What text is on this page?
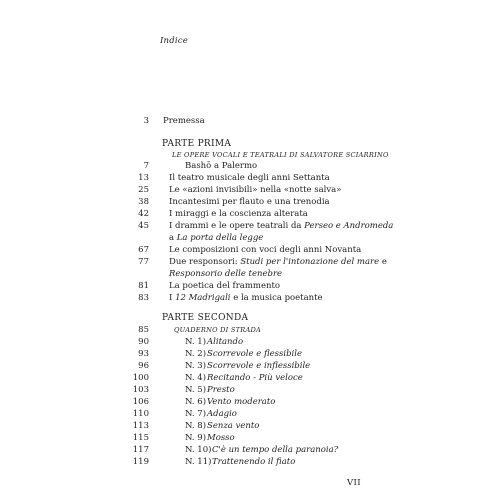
Indice
3 Premessa
PARTE PRIMA
LE OPERE VOCALI E TEATRALI DI SALVATORE SCIARRINO
7	Bashō a Palermo
13 Il teatro musicale degli anni Settanta
25 Le «azioni invisibili» nella «notte salva»
38 Incantesimi per flauto e una trenodia
42 I miraggi e la coscienza alterata
45 I drammi e le opere teatrali da Perseo e Andromeda
a La porta della legge
67 Le composizioni con voci degli anni Novanta
77 Due responsori: Studi per l'intonazione del mare e
Responsorio delle tenebre
81 La poetica del frammento
83 I 12 Madrigali e la musica poetante
PARTE SECONDA
85	QUADERNO DI STRADA
90	N. 1) Alitando
93	N. 2) Scorrevole e flessibile
96	N. 3) Scorrevole e inflessibile
100	N. 4) Recitando - Più veloce
103	N. 5) Presto
106	N. 6) Vento moderato
110	N. 7) Adagio
113	N. 8) Senza vento
115	N. 9) Mosso
117	N. 10) C'è un tempo della paranoia?
119	N. 11) Trattenendo il fiato
VII
